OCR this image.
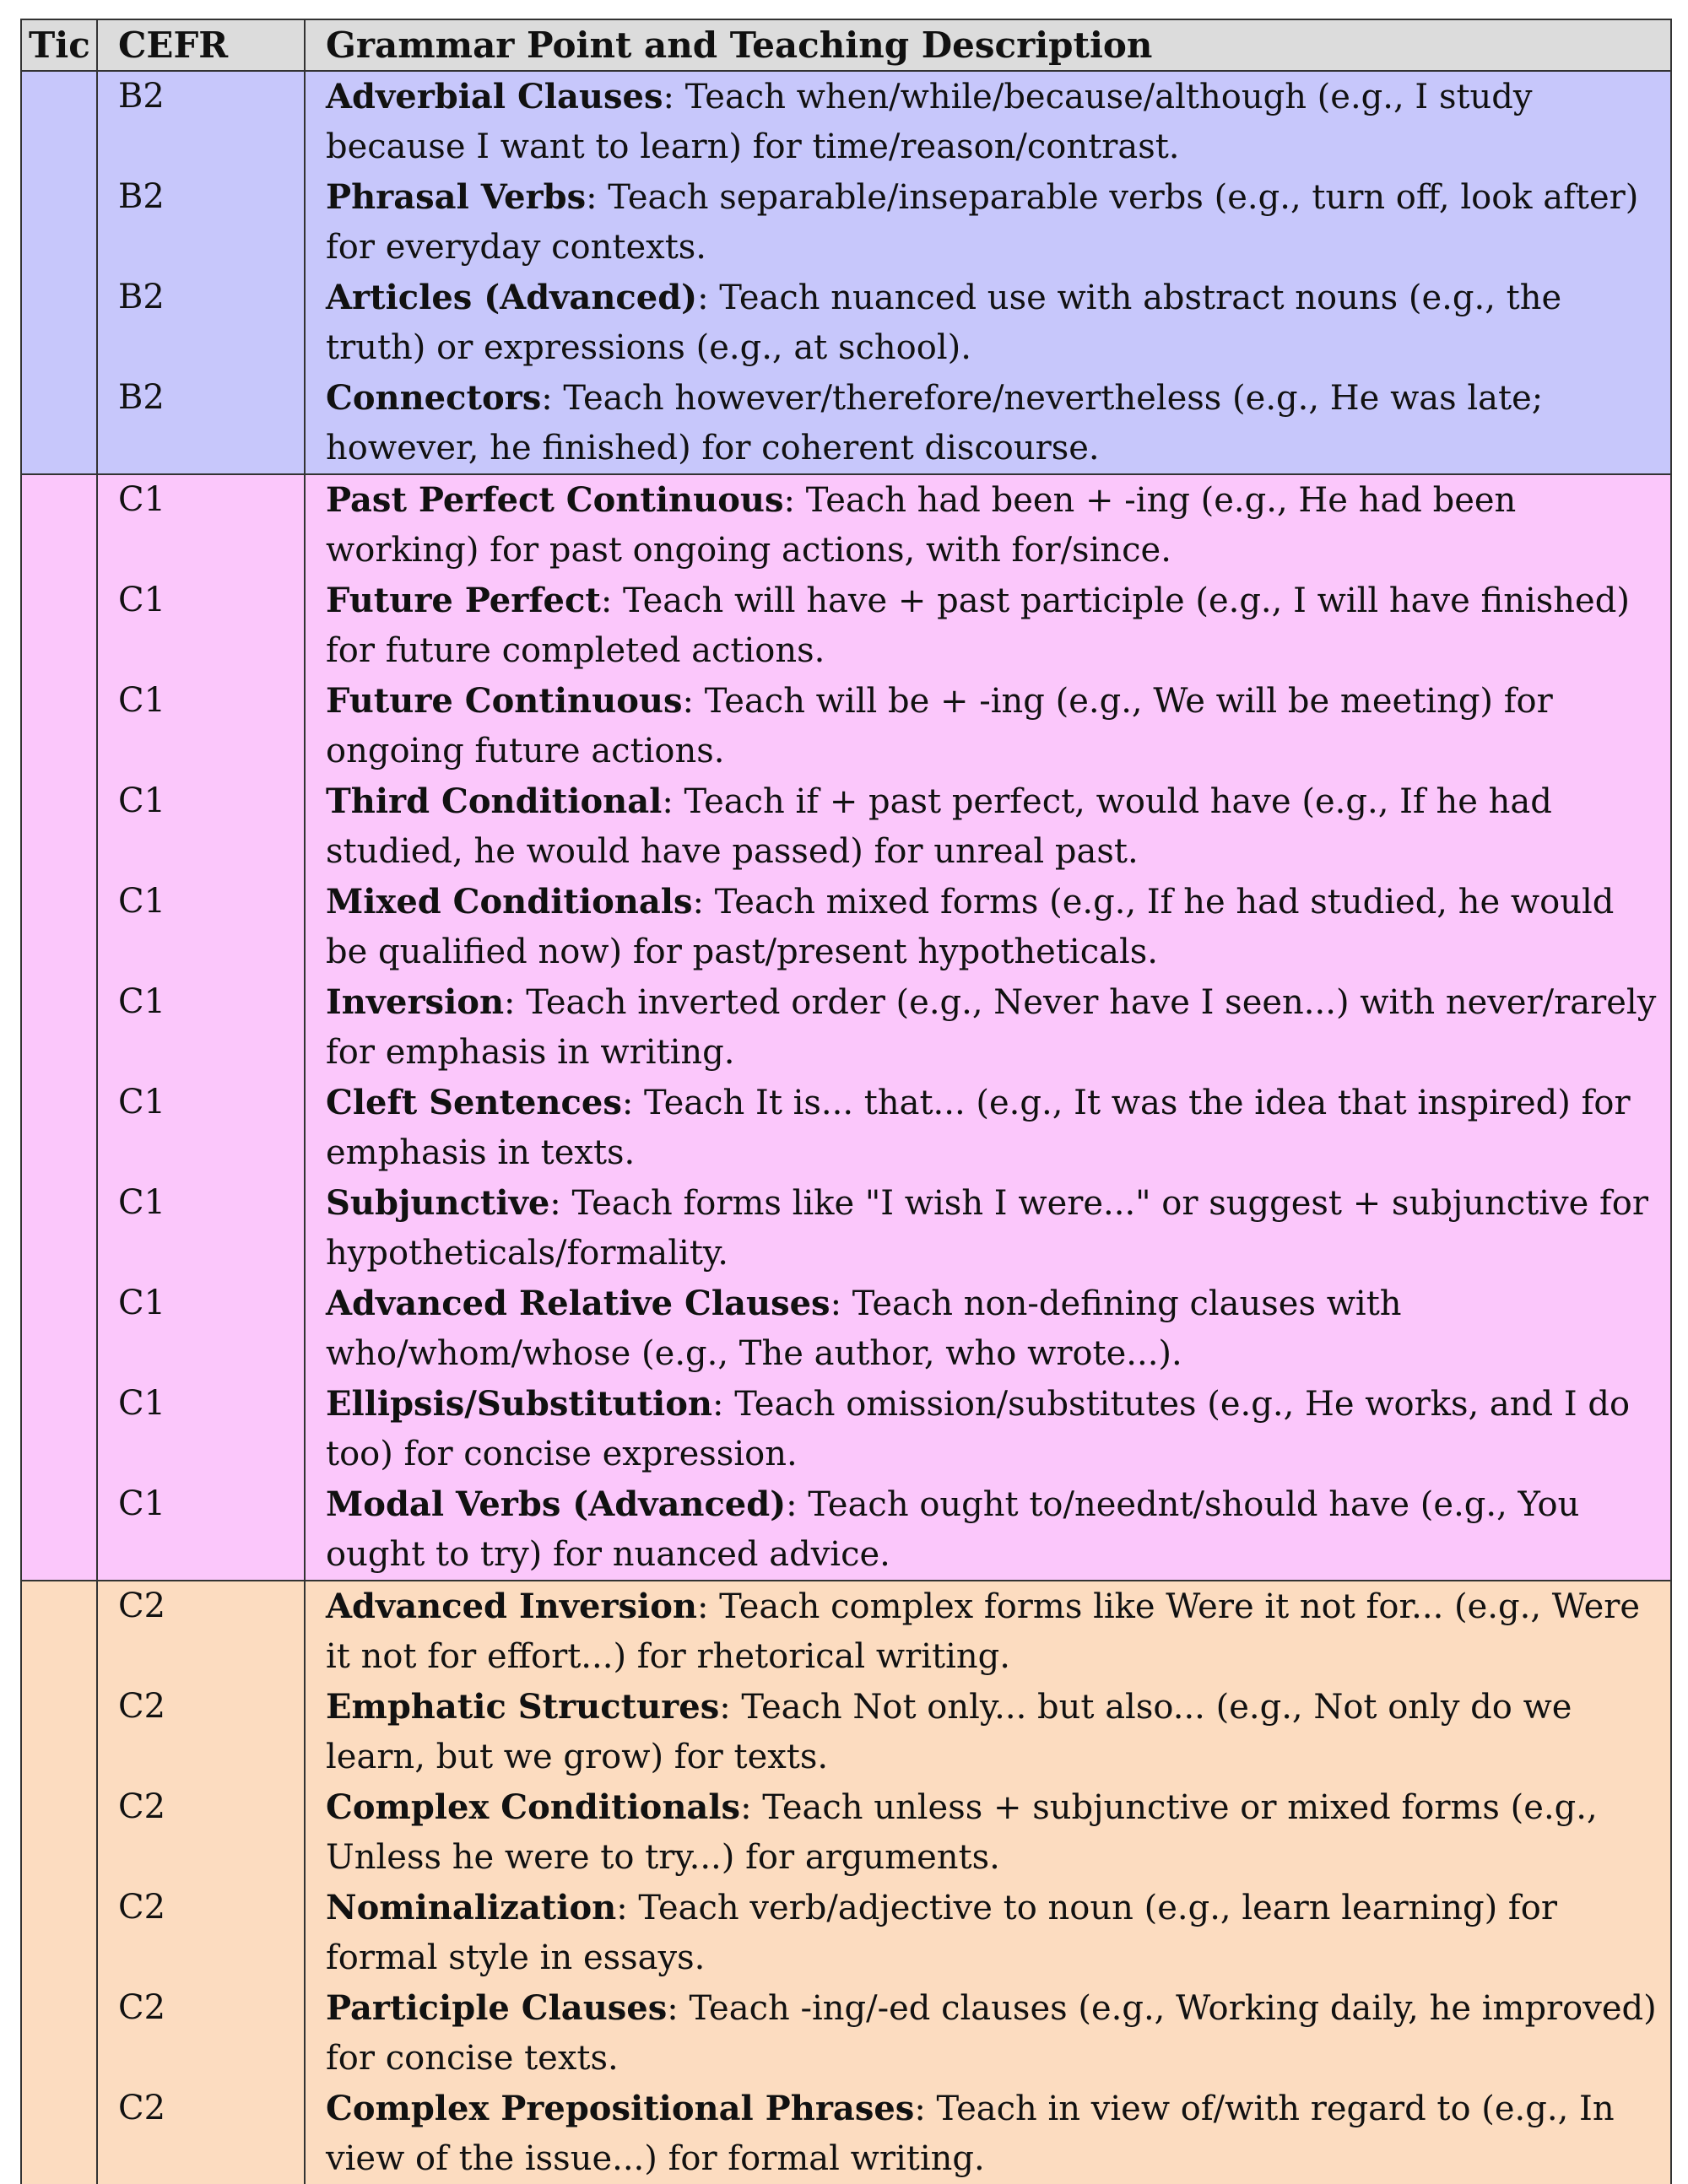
Tic	CEFR	Grammar Point and Teaching Description
	B2	Adverbial Clauses: Teach when/while/because/although (e.g., I study because I want to learn) for time/reason/contrast.
	B2	Phrasal Verbs: Teach separable/inseparable verbs (e.g., turn off, look after) for everyday contexts.
	B2	Articles (Advanced): Teach nuanced use with abstract nouns (e.g., the truth) or expressions (e.g., at school).
	B2	Connectors: Teach however/therefore/nevertheless (e.g., He was late; however, he finished) for coherent discourse.
	C1	Past Perfect Continuous: Teach had been + -ing (e.g., He had been working) for past ongoing actions, with for/since.
	C1	Future Perfect: Teach will have + past participle (e.g., I will have finished) for future completed actions.
	C1	Future Continuous: Teach will be + -ing (e.g., We will be meeting) for ongoing future actions.
	C1	Third Conditional: Teach if + past perfect, would have (e.g., If he had studied, he would have passed) for unreal past.
	C1	Mixed Conditionals: Teach mixed forms (e.g., If he had studied, he would be qualified now) for past/present hypotheticals.
	C1	Inversion: Teach inverted order (e.g., Never have I seen...) with never/rarely for emphasis in writing.
	C1	Cleft Sentences: Teach It is... that... (e.g., It was the idea that inspired) for emphasis in texts.
	C1	Subjunctive: Teach forms like "I wish I were..." or suggest + subjunctive for hypotheticals/formality.
	C1	Advanced Relative Clauses: Teach non-defining clauses with who/whom/whose (e.g., The author, who wrote...).
	C1	Ellipsis/Substitution: Teach omission/substitutes (e.g., He works, and I do too) for concise expression.
	C1	Modal Verbs (Advanced): Teach ought to/neednt/should have (e.g., You ought to try) for nuanced advice.
	C2	Advanced Inversion: Teach complex forms like Were it not for... (e.g., Were it not for effort...) for rhetorical writing.
	C2	Emphatic Structures: Teach Not only... but also... (e.g., Not only do we learn, but we grow) for texts.
	C2	Complex Conditionals: Teach unless + subjunctive or mixed forms (e.g., Unless he were to try...) for arguments.
	C2	Nominalization: Teach verb/adjective to noun (e.g., learn learning) for formal style in essays.
	C2	Participle Clauses: Teach -ing/-ed clauses (e.g., Working daily, he improved) for concise texts.
	C2	Complex Prepositional Phrases: Teach in view of/with regard to (e.g., In view of the issue...) for formal writing.
